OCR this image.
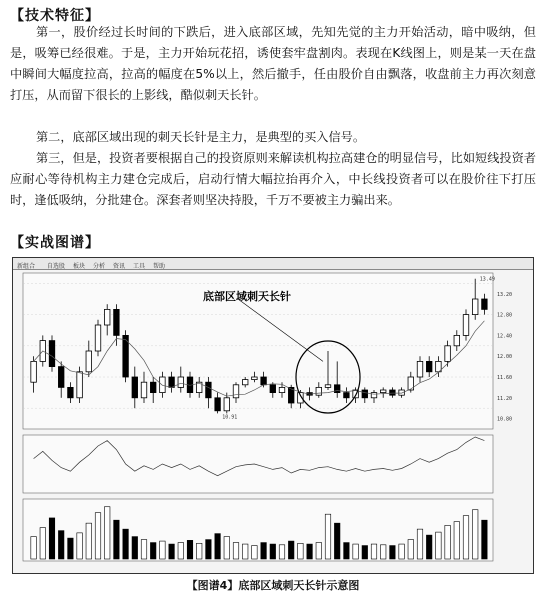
【技术特征】

第一，股价经过长时间的下跌后，进入底部区域，先知先觉的主力开始活动，暗中吸纳，但是，吸筹已经很难。于是，主力开始玩花招，诱使套牢盘割肉。表现在K线图上，则是某一天在盘中瞬间大幅度拉高，拉高的幅度在5%以上，然后撤手，任由股价自由飘落，收盘前主力再次刻意打压，从而留下很长的上影线，酷似刺天长针。

第二，底部区域出现的刺天长针是主力，是典型的买入信号。

第三，但是，投资者要根据自己的投资原则来解读机构拉高建仓的明显信号，比如短线投资者应耐心等待机构主力建仓完成后，启动行情大幅拉抬再介入，中长线投资者可以在股价往下打压时，逢低吸纳，分批建仓。深套者则坚决持股，千万不要被主力骗出来。

【实战图谱】
新组合 自选股 板块 分析 资讯 工具 帮助
13.20
12.80
12.40
12.00
11.60
11.20
10.80
13.49
10.91
底部区域刺天长针
【图谱4】底部区域刺天长针示意图
